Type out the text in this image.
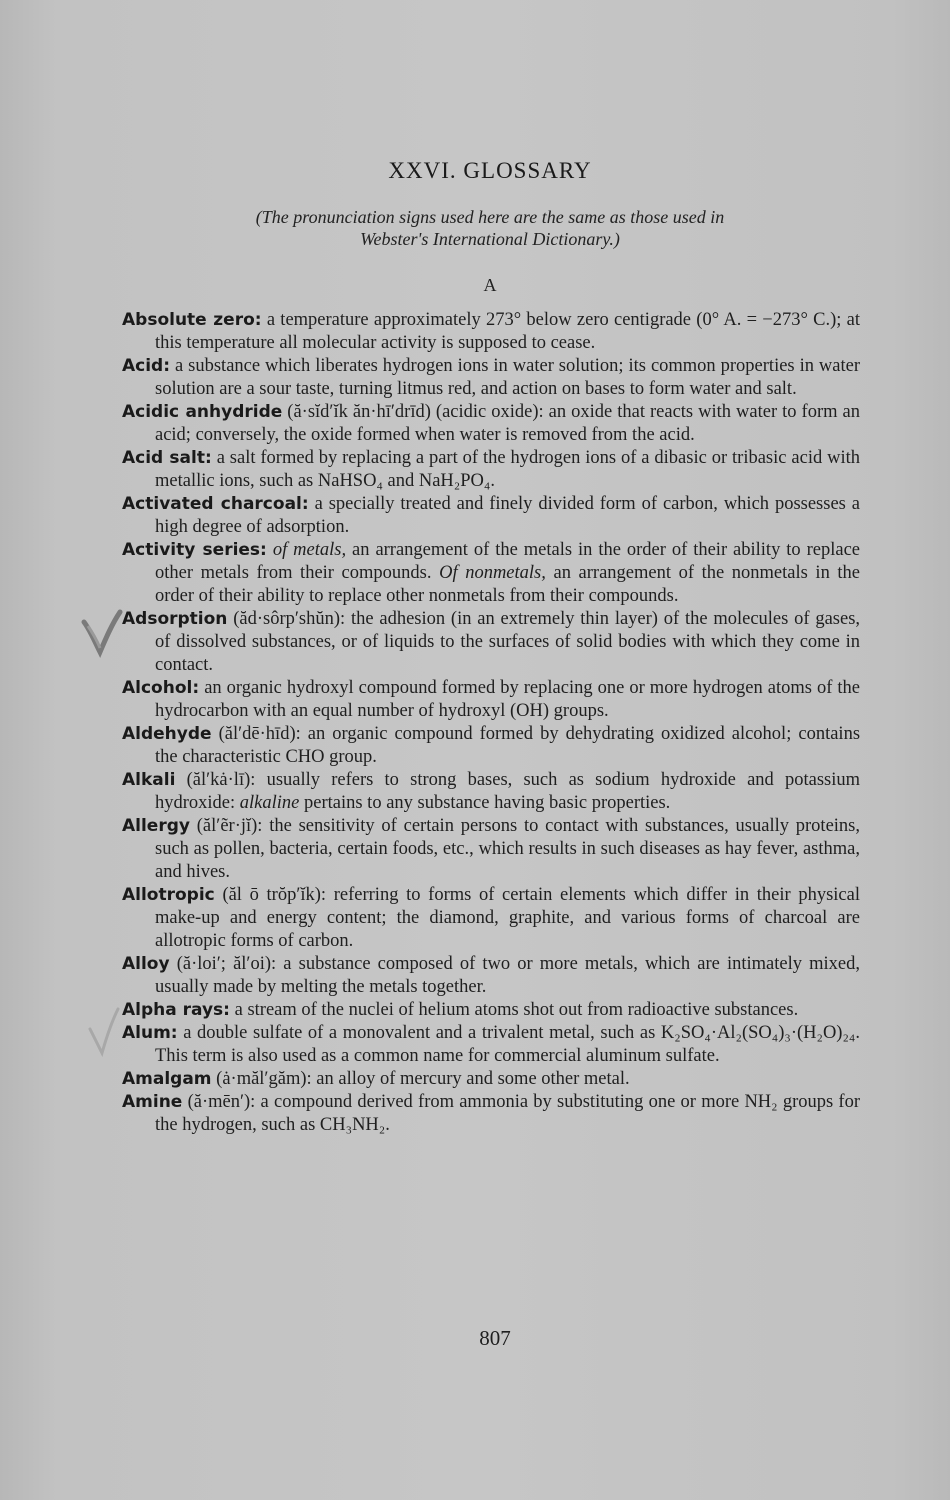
XXVI. GLOSSARY
(The pronunciation signs used here are the same as those used in
Webster's International Dictionary.)
A

Absolute zero: a temperature approximately 273° below zero centigrade (0° A. = −273° C.); at this temperature all molecular activity is supposed to cease.

Acid: a substance which liberates hydrogen ions in water solution; its common properties in water solution are a sour taste, turning litmus red, and action on bases to form water and salt.

Acidic anhydride (ă·sĭd′ĭk ăn·hī′drīd) (acidic oxide): an oxide that reacts with water to form an acid; conversely, the oxide formed when water is removed from the acid.

Acid salt: a salt formed by replacing a part of the hydrogen ions of a dibasic or tribasic acid with metallic ions, such as NaHSO₄ and NaH₂PO₄.

Activated charcoal: a specially treated and finely divided form of carbon, which possesses a high degree of adsorption.

Activity series: of metals, an arrangement of the metals in the order of their ability to replace other metals from their compounds. Of nonmetals, an arrangement of the nonmetals in the order of their ability to replace other nonmetals from their compounds.

Adsorption (ăd·sôrp′shŭn): the adhesion (in an extremely thin layer) of the molecules of gases, of dissolved substances, or of liquids to the surfaces of solid bodies with which they come in contact.

Alcohol: an organic hydroxyl compound formed by replacing one or more hydrogen atoms of the hydrocarbon with an equal number of hydroxyl (OH) groups.

Aldehyde (ăl′dē·hīd): an organic compound formed by dehydrating oxidized alcohol; contains the characteristic CHO group.

Alkali (ăl′kȧ·lī): usually refers to strong bases, such as sodium hydroxide and potassium hydroxide: alkaline pertains to any substance having basic properties.

Allergy (ăl′ẽr·jĭ): the sensitivity of certain persons to contact with substances, usually proteins, such as pollen, bacteria, certain foods, etc., which results in such diseases as hay fever, asthma, and hives.

Allotropic (ăl ō trŏp′ĭk): referring to forms of certain elements which differ in their physical make-up and energy content; the diamond, graphite, and various forms of charcoal are allotropic forms of carbon.

Alloy (ă·loi′; ăl′oi): a substance composed of two or more metals, which are intimately mixed, usually made by melting the metals together.

Alpha rays: a stream of the nuclei of helium atoms shot out from radioactive substances.

Alum: a double sulfate of a monovalent and a trivalent metal, such as K₂SO₄·Al₂(SO₄)₃·(H₂O)₂₄. This term is also used as a common name for commercial aluminum sulfate.

Amalgam (ȧ·măl′găm): an alloy of mercury and some other metal.

Amine (ă·mēn′): a compound derived from ammonia by substituting one or more NH₂ groups for the hydrogen, such as CH₃NH₂.

807
